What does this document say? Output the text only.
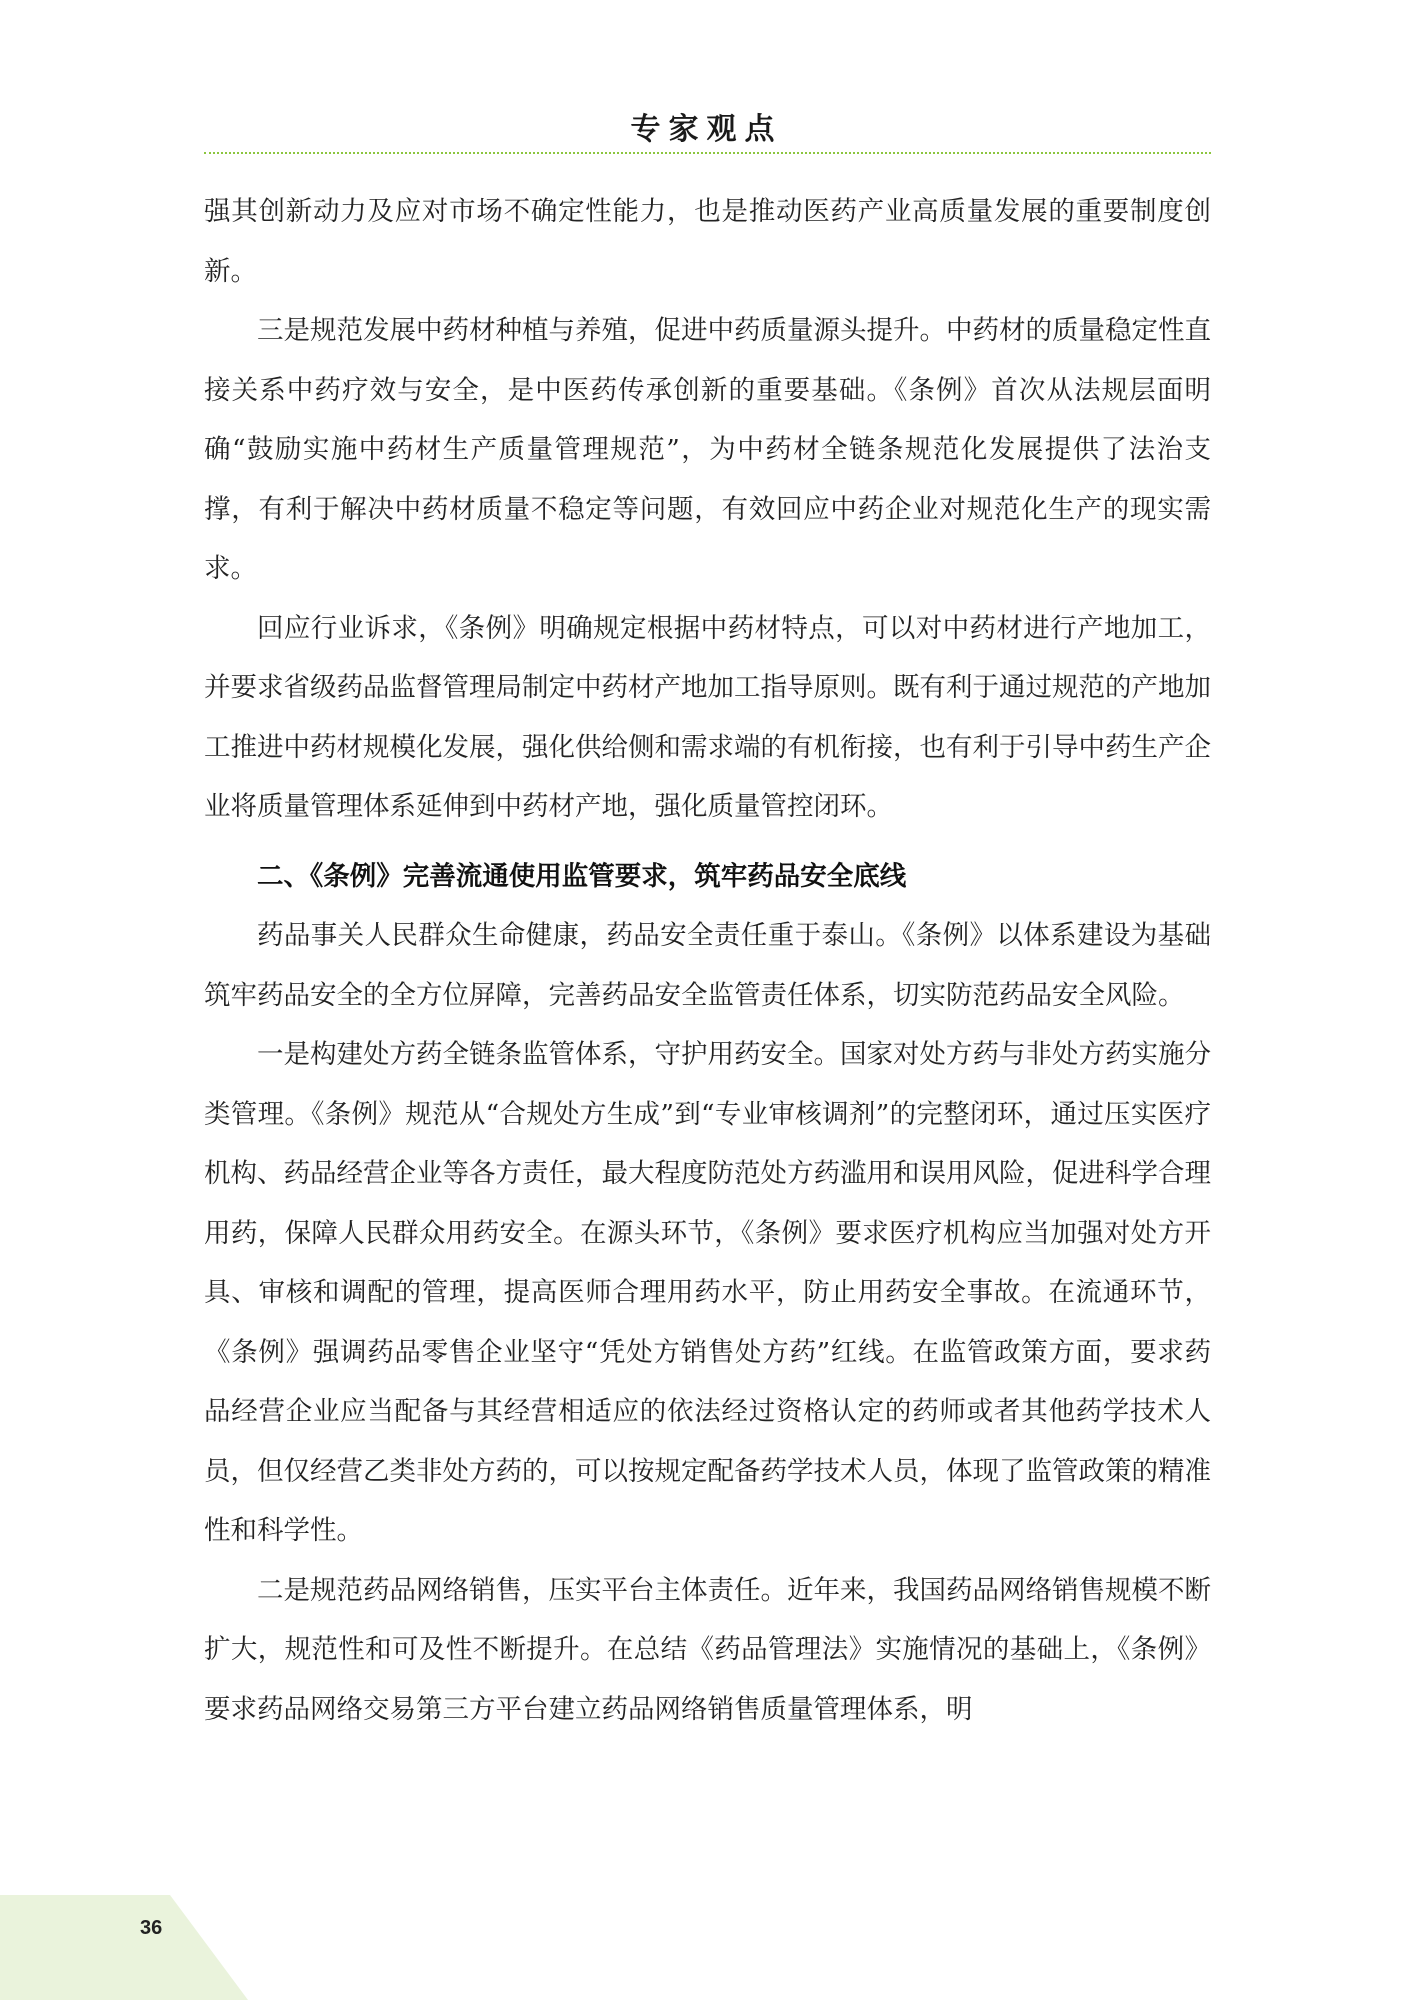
专家观点

强其创新动力及应对市场不确定性能力，也是推动医药产业高质量发展的重要制度创新。

三是规范发展中药材种植与养殖，促进中药质量源头提升。中药材的质量稳定性直接关系中药疗效与安全，是中医药传承创新的重要基础。《条例》首次从法规层面明确“鼓励实施中药材生产质量管理规范”，为中药材全链条规范化发展提供了法治支撑，有利于解决中药材质量不稳定等问题，有效回应中药企业对规范化生产的现实需求。

回应行业诉求，《条例》明确规定根据中药材特点，可以对中药材进行产地加工，并要求省级药品监督管理局制定中药材产地加工指导原则。既有利于通过规范的产地加工推进中药材规模化发展，强化供给侧和需求端的有机衔接，也有利于引导中药生产企业将质量管理体系延伸到中药材产地，强化质量管控闭环。

二、《条例》完善流通使用监管要求，筑牢药品安全底线

药品事关人民群众生命健康，药品安全责任重于泰山。《条例》以体系建设为基础筑牢药品安全的全方位屏障，完善药品安全监管责任体系，切实防范药品安全风险。

一是构建处方药全链条监管体系，守护用药安全。国家对处方药与非处方药实施分类管理。《条例》规范从“合规处方生成”到“专业审核调剂”的完整闭环，通过压实医疗机构、药品经营企业等各方责任，最大程度防范处方药滥用和误用风险，促进科学合理用药，保障人民群众用药安全。在源头环节，《条例》要求医疗机构应当加强对处方开具、审核和调配的管理，提高医师合理用药水平，防止用药安全事故。在流通环节，《条例》强调药品零售企业坚守“凭处方销售处方药”红线。在监管政策方面，要求药品经营企业应当配备与其经营相适应的依法经过资格认定的药师或者其他药学技术人员，但仅经营乙类非处方药的，可以按规定配备药学技术人员，体现了监管政策的精准性和科学性。

二是规范药品网络销售，压实平台主体责任。近年来，我国药品网络销售规模不断扩大，规范性和可及性不断提升。在总结《药品管理法》实施情况的基础上，《条例》要求药品网络交易第三方平台建立药品网络销售质量管理体系，明

36
